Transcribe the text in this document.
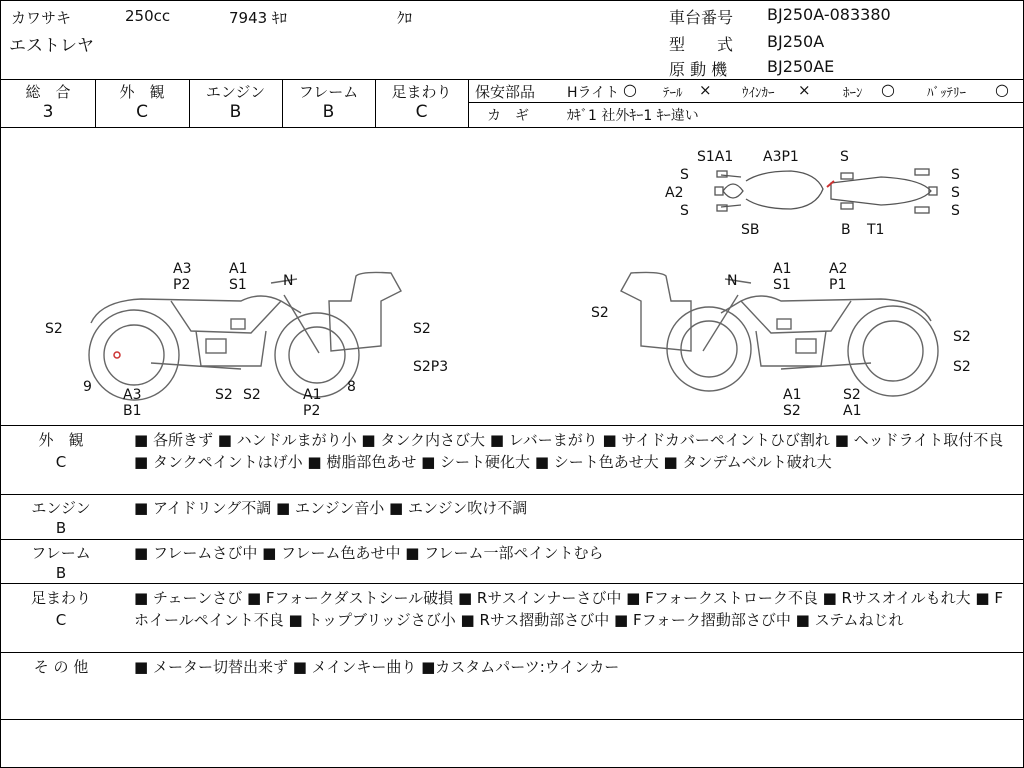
カワサキ	250cc	7943 ｷﾛ	ｸﾛ
エストレヤ
車台番号 BJ250A-083380
型　　式 BJ250A
原 動 機 BJ250AE
総　合
3
外　観
C
エンジン
B
フレーム
B
足まわり
C
保安部品 Hライト ○ ﾃｰﾙ × ｳｲﾝｶｰ × ﾎｰﾝ ○ ﾊﾞｯﾃﾘｰ ○
カ　ギ	ｶｷﾞ1 社外ｷｰ1 ｷｰ違い
S1A1 A3P1	S
S
A2
S
S
S
S
SB	B T1
A3
P2
A1
S1	N
S2	S2
S2P3
9 A3
B1
S2 S2	A1
P2
8
N
A1
S1
A2
P1
S2
S2
S2
A1
S2
S2
A1
外　観
C
■ 各所きず ■ ハンドルまがり小 ■ タンク内さび大 ■ レバーまがり ■ サイドカバーペイントひび割れ ■ ヘッドライト取付不良 ■ タンクペイントはげ小 ■ 樹脂部色あせ ■ シート硬化大 ■ シート色あせ大 ■ タンデムベルト破れ大
エンジン
B
■ アイドリング不調 ■ エンジン音小 ■ エンジン吹け不調
フレーム
B
■ フレームさび中 ■ フレーム色あせ中 ■ フレーム一部ペイントむら
足まわり
C
■ チェーンさび ■ Fフォークダストシール破損 ■ Rサスインナーさび中 ■ Fフォークストローク不良 ■ Rサスオイルもれ大 ■ Fホイールペイント不良 ■ トップブリッジさび小 ■ Rサス摺動部さび中 ■ Fフォーク摺動部さび中 ■ ステムねじれ
そ の 他	■ メーター切替出来ず ■ メインキー曲り ■カスタムパーツ:ウインカー
